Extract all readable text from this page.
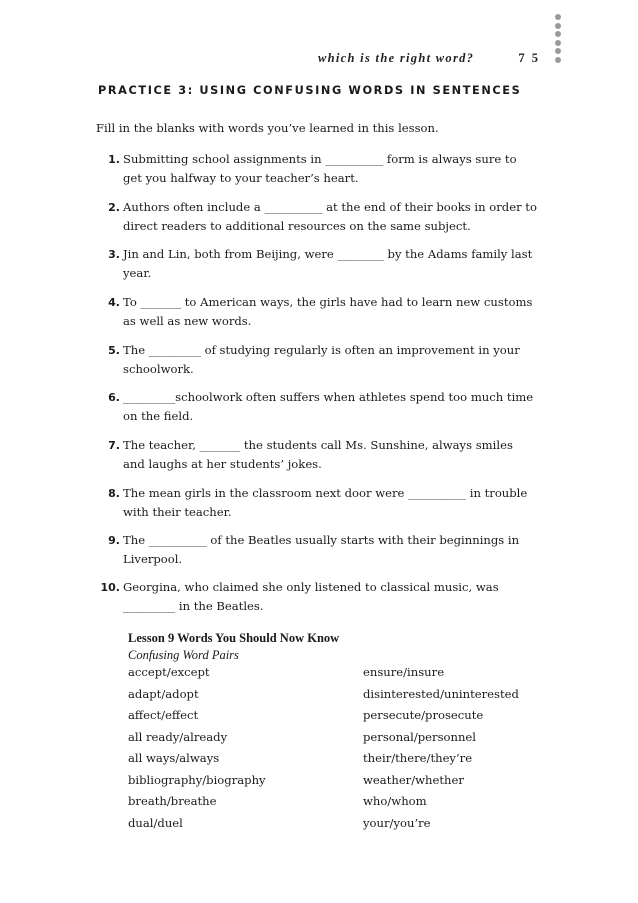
which is the right word?	7 5
PRACTICE 3: USING CONFUSING WORDS IN SENTENCES

Fill in the blanks with words you’ve learned in this lesson.

1. Submitting school assignments in __________ form is always sure to get you halfway to your teacher’s heart.
2. Authors often include a __________ at the end of their books in order to direct readers to additional resources on the same subject.
3. Jin and Lin, both from Beijing, were ________ by the Adams family last year.
4. To _______ to American ways, the girls have had to learn new customs as well as new words.
5. The _________ of studying regularly is often an improvement in your schoolwork.
6. _________schoolwork often suffers when athletes spend too much time on the field.
7. The teacher, _______ the students call Ms. Sunshine, always smiles and laughs at her students’ jokes.
8. The mean girls in the classroom next door were __________ in trouble with their teacher.
9. The __________ of the Beatles usually starts with their beginnings in Liverpool.
10. Georgina, who claimed she only listened to classical music, was _________ in the Beatles.
Lesson 9 Words You Should Now Know
Confusing Word Pairs
accept/except	ensure/insure
adapt/adopt	disinterested/uninterested
affect/effect	persecute/prosecute
all ready/already	personal/personnel
all ways/always	their/there/they’re
bibliography/biography	weather/whether
breath/breathe	who/whom
dual/duel	your/you’re
